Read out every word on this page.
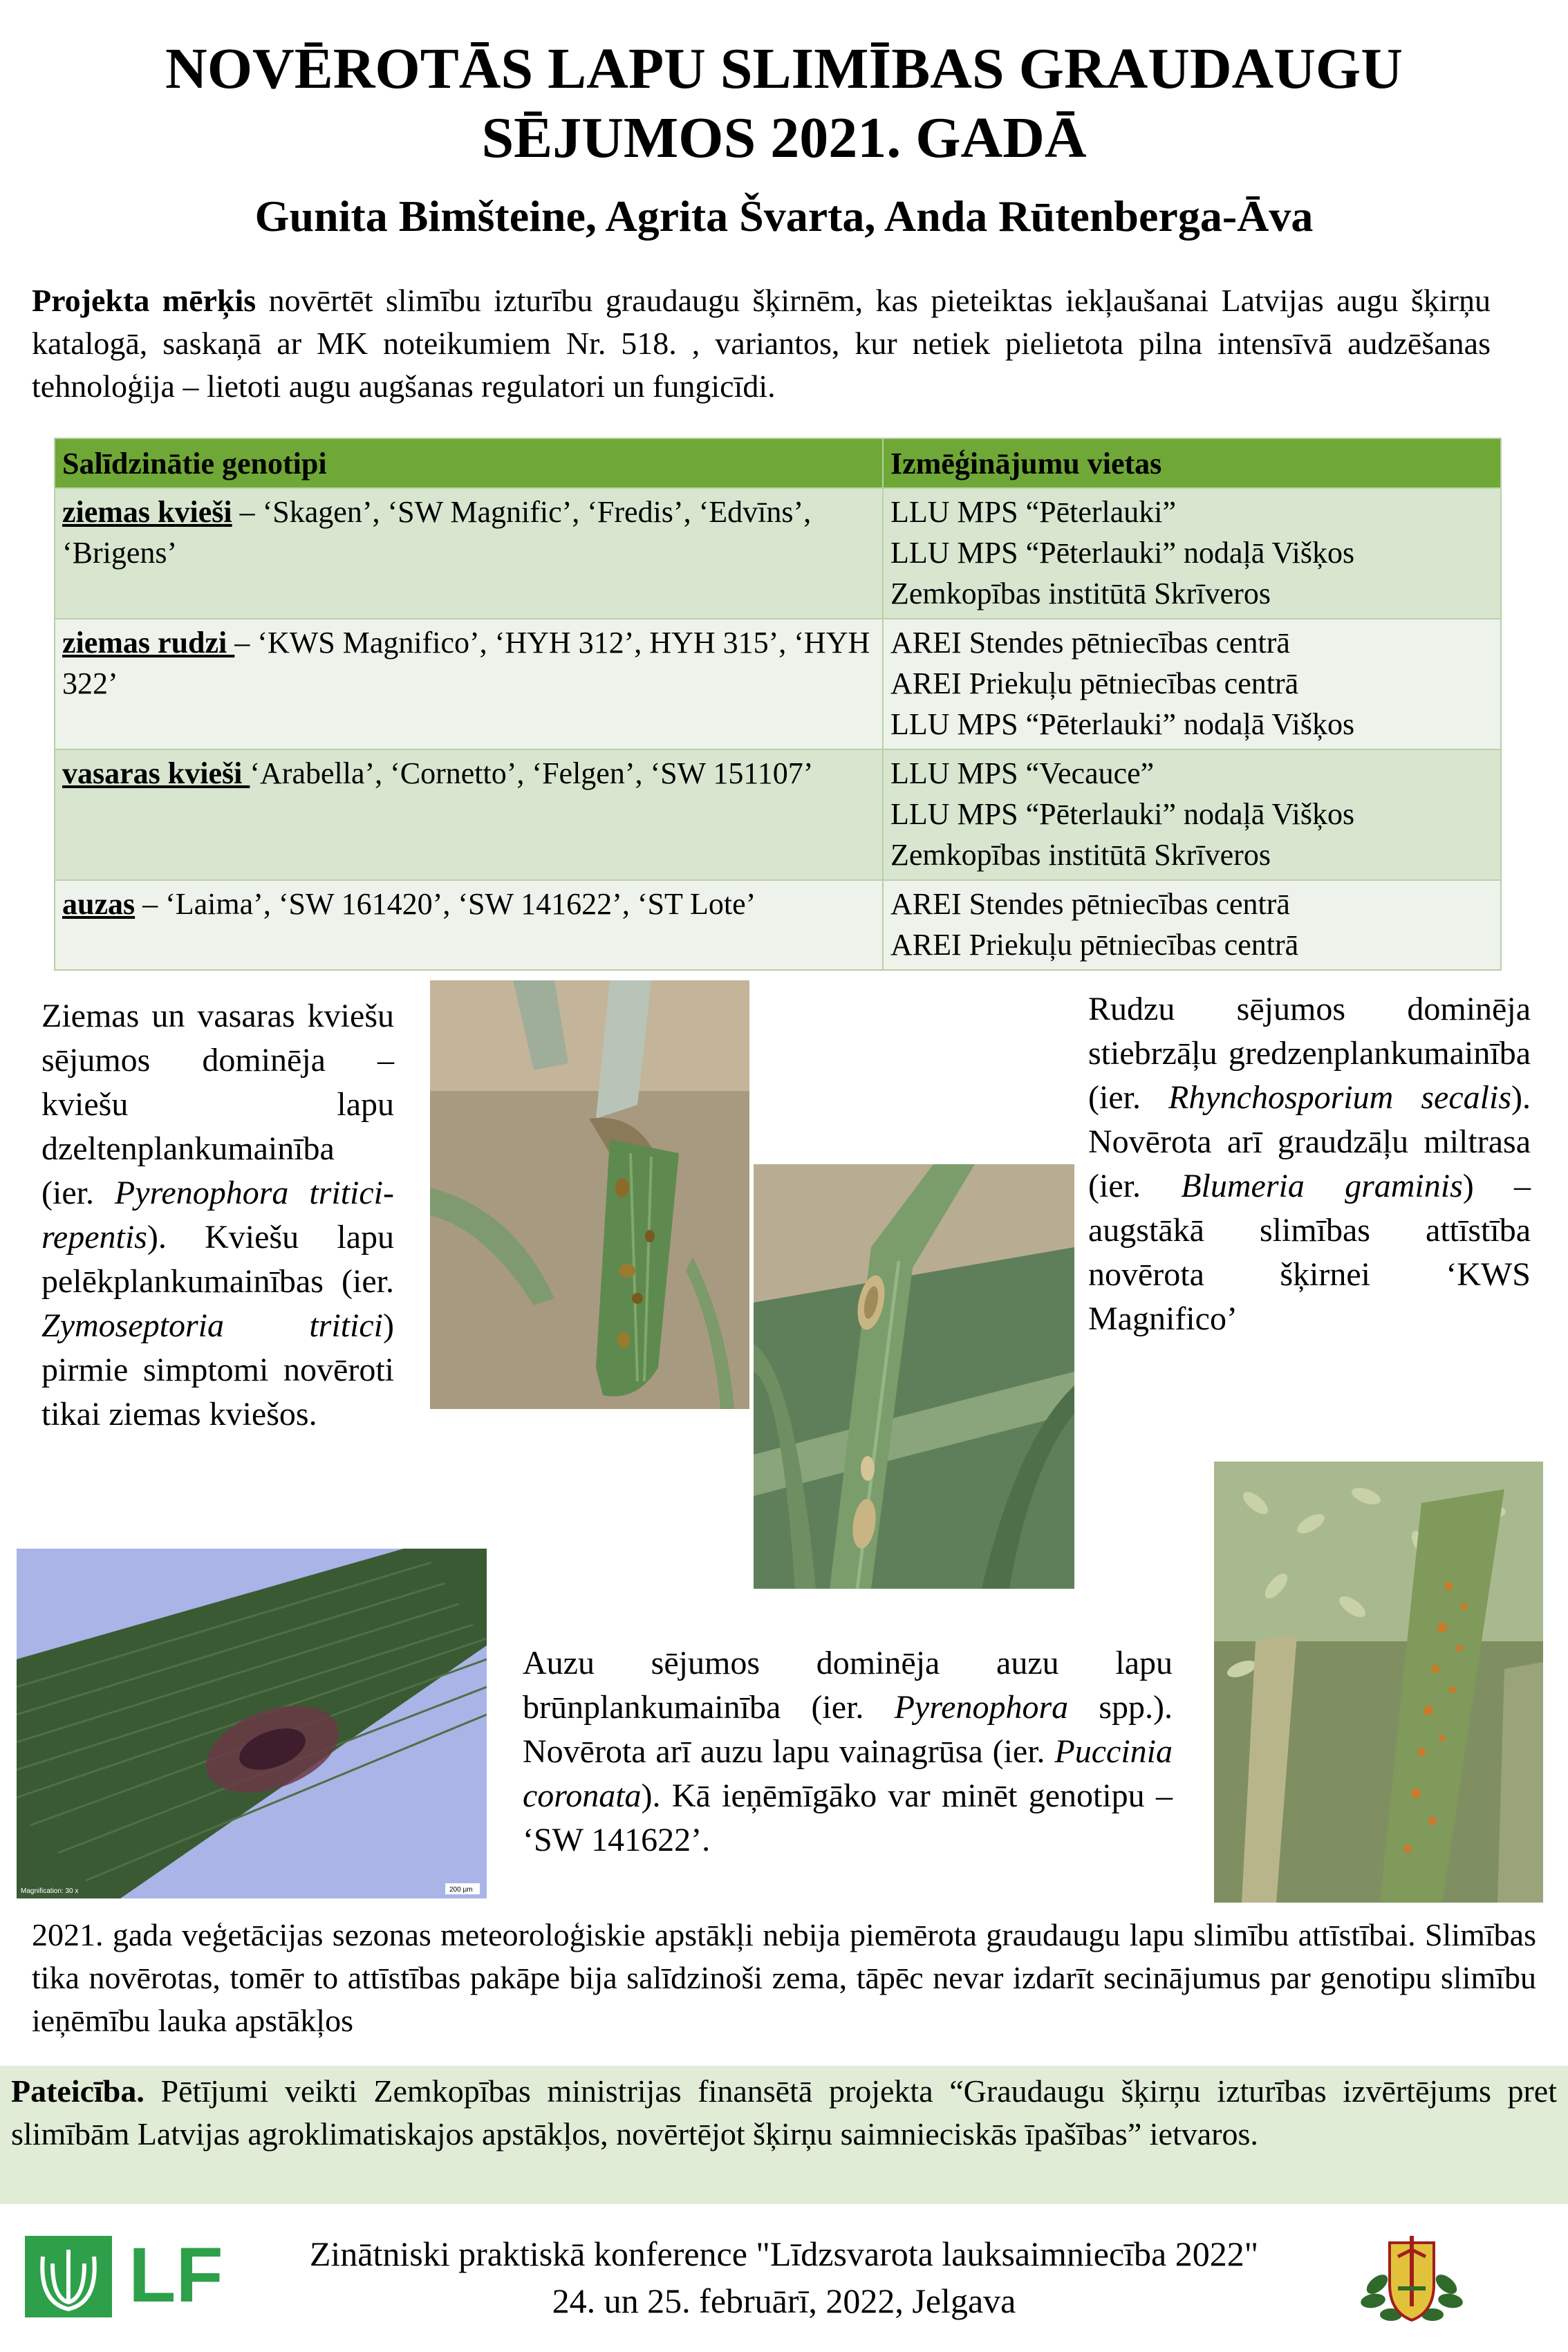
NOVĒROTĀS LAPU SLIMĪBAS GRAUDAUGU
SĒJUMOS 2021. GADĀ
Gunita Bimšteine, Agrita Švarta, Anda Rūtenberga-Āva
Projekta mērķis novērtēt slimību izturību graudaugu šķirnēm, kas pieteiktas iekļaušanai Latvijas augu šķirņu katalogā, saskaņā ar MK noteikumiem Nr. 518. , variantos, kur netiek pielietota pilna intensīvā audzēšanas tehnoloģija – lietoti augu augšanas regulatori un fungicīdi.
Salīdzinātie genotipi	Izmēģinājumu vietas
ziemas kvieši – ‘Skagen’, ‘SW Magnific’, ‘Fredis’, ‘Edvīns’, ‘Brigens’	LLU MPS “Pēterlauki”
LLU MPS “Pēterlauki” nodaļā Višķos
Zemkopības institūtā Skrīveros

ziemas rudzi – ‘KWS Magnifico’, ‘HYH 312’, HYH 315’, ‘HYH 322’	AREI Stendes pētniecības centrā
AREI Priekuļu pētniecības centrā
LLU MPS “Pēterlauki” nodaļā Višķos

vasaras kvieši ‘Arabella’, ‘Cornetto’, ‘Felgen’, ‘SW 151107’	LLU MPS “Vecauce”
LLU MPS “Pēterlauki” nodaļā Višķos
Zemkopības institūtā Skrīveros

auzas – ‘Laima’, ‘SW 161420’, ‘SW 141622’, ‘ST Lote’	AREI Stendes pētniecības centrā
AREI Priekuļu pētniecības centrā
Ziemas un vasaras kviešu sējumos dominēja – kviešu lapu dzeltenplankumainība (ier. Pyrenophora tritici-repentis). Kviešu lapu pelēkplankumainības (ier. Zymoseptoria tritici) pirmie simptomi novēroti tikai ziemas kviešos.
Rudzu sējumos dominēja stiebrzāļu gredzenplankumainība (ier. Rhynchosporium secalis). Novērota arī graudzāļu miltrasa (ier. Blumeria graminis) – augstākā slimības attīstība novērota šķirnei ‘KWS Magnifico’
Magnification: 30 x	200 µm
Auzu sējumos dominēja auzu lapu brūnplankumainība (ier. Pyrenophora spp.). Novērota arī auzu lapu vainagrūsa (ier. Puccinia coronata). Kā ieņēmīgāko var minēt genotipu – ‘SW 141622’.
2021. gada veģetācijas sezonas meteoroloģiskie apstākļi nebija piemērota graudaugu lapu slimību attīstībai. Slimības tika novērotas, tomēr to attīstības pakāpe bija salīdzinoši zema, tāpēc nevar izdarīt secinājumus par genotipu slimību ieņēmību lauka apstākļos
Pateicība. Pētījumi veikti Zemkopības ministrijas finansētā projekta “Graudaugu šķirņu izturības izvērtējums pret slimībām Latvijas agroklimatiskajos apstākļos, novērtējot šķirņu saimnieciskās īpašības” ietvaros.
LF	Zinātniski praktiskā konference "Līdzsvarota lauksaimniecība 2022"
24. un 25. februārī, 2022, Jelgava
